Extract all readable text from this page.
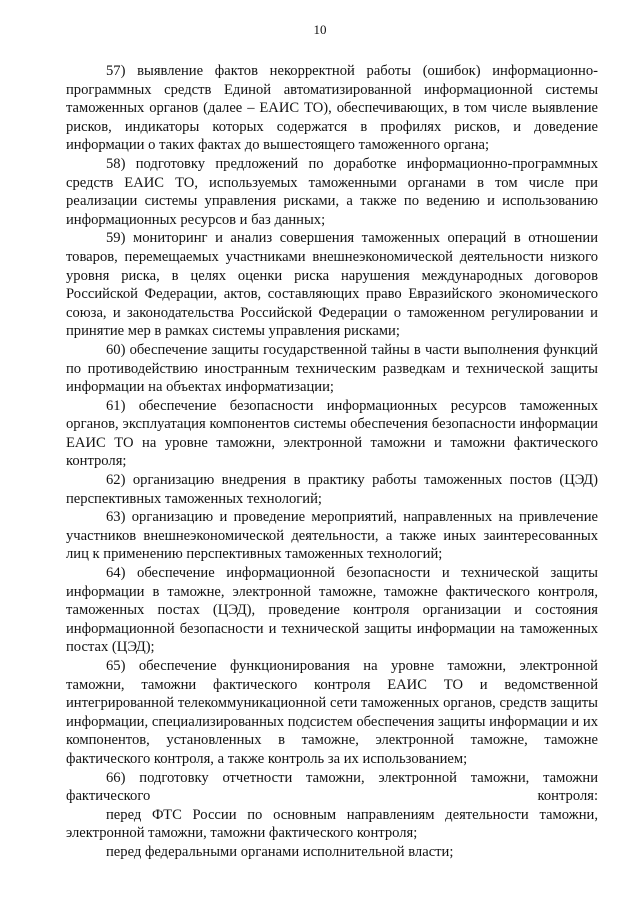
10

57) выявление фактов некорректной работы (ошибок) информационно-программных средств Единой автоматизированной информационной системы таможенных органов (далее – ЕАИС ТО), обеспечивающих, в том числе выявление рисков, индикаторы которых содержатся в профилях рисков, и доведение информации о таких фактах до вышестоящего таможенного органа;

58) подготовку предложений по доработке информационно-программных средств ЕАИС ТО, используемых таможенными органами в том числе при реализации системы управления рисками, а также по ведению и использованию информационных ресурсов и баз данных;

59) мониторинг и анализ совершения таможенных операций в отношении товаров, перемещаемых участниками внешнеэкономической деятельности низкого уровня риска, в целях оценки риска нарушения международных договоров Российской Федерации, актов, составляющих право Евразийского экономического союза, и законодательства Российской Федерации о таможенном регулировании и принятие мер в рамках системы управления рисками;

60) обеспечение защиты государственной тайны в части выполнения функций по противодействию иностранным техническим разведкам и технической защиты информации на объектах информатизации;

61) обеспечение безопасности информационных ресурсов таможенных органов, эксплуатация компонентов системы обеспечения безопасности информации ЕАИС ТО на уровне таможни, электронной таможни и таможни фактического контроля;

62) организацию внедрения в практику работы таможенных постов (ЦЭД) перспективных таможенных технологий;

63) организацию и проведение мероприятий, направленных на привлечение участников внешнеэкономической деятельности, а также иных заинтересованных лиц к применению перспективных таможенных технологий;

64) обеспечение информационной безопасности и технической защиты информации в таможне, электронной таможне, таможне фактического контроля, таможенных постах (ЦЭД), проведение контроля организации и состояния информационной безопасности и технической защиты информации на таможенных постах (ЦЭД);

65) обеспечение функционирования на уровне таможни, электронной таможни, таможни фактического контроля ЕАИС ТО и ведомственной интегрированной телекоммуникационной сети таможенных органов, средств защиты информации, специализированных подсистем обеспечения защиты информации и их компонентов, установленных в таможне, электронной таможне, таможне фактического контроля, а также контроль за их использованием;

66) подготовку отчетности таможни, электронной таможни, таможни фактического контроля:

перед ФТС России по основным направлениям деятельности таможни, электронной таможни, таможни фактического контроля;

перед федеральными органами исполнительной власти;
